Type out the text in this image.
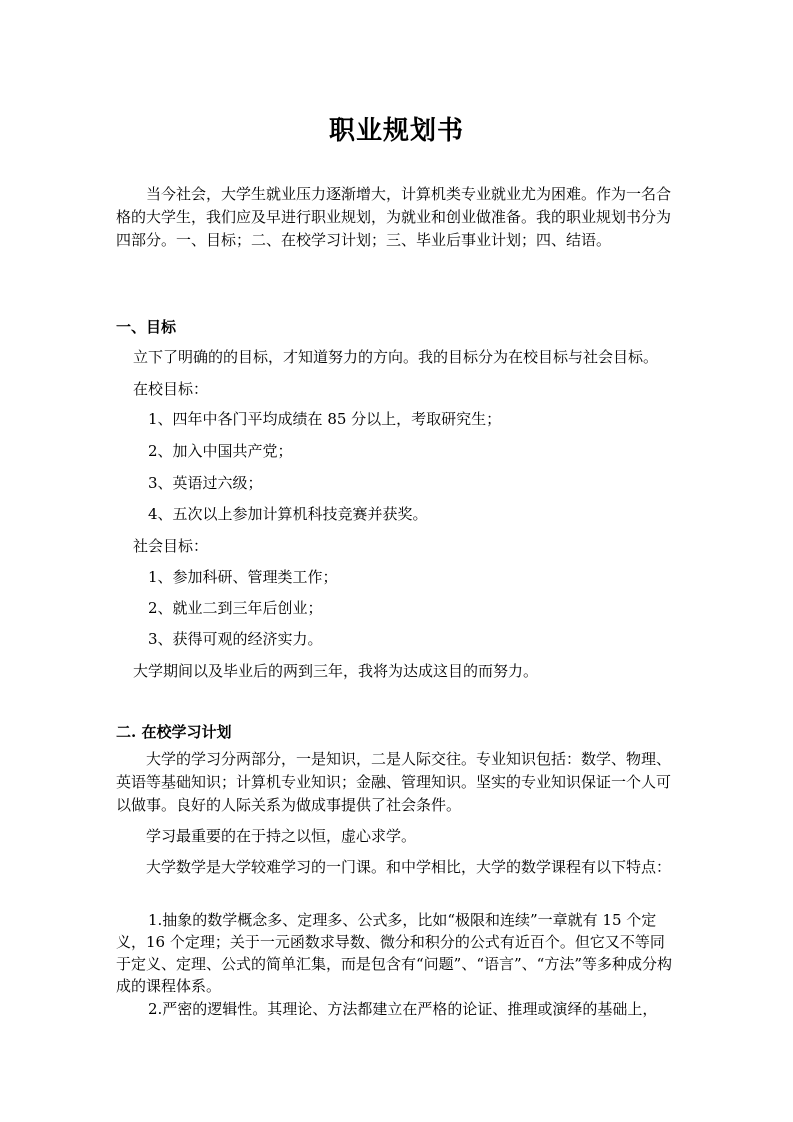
职业规划书
当今社会，大学生就业压力逐渐增大，计算机类专业就业尤为困难。作为一名合格的大学生，我们应及早进行职业规划，为就业和创业做准备。我的职业规划书分为四部分。一、目标；二、在校学习计划；三、毕业后事业计划；四、结语。
一、目标
立下了明确的的目标，才知道努力的方向。我的目标分为在校目标与社会目标。
在校目标：
1、四年中各门平均成绩在 85 分以上，考取研究生；
2、加入中国共产党；
3、英语过六级；
4、五次以上参加计算机科技竞赛并获奖。
社会目标：
1、参加科研、管理类工作；
2、就业二到三年后创业；
3、获得可观的经济实力。
大学期间以及毕业后的两到三年，我将为达成这目的而努力。
二. 在校学习计划
大学的学习分两部分，一是知识，二是人际交往。专业知识包括：数学、物理、英语等基础知识；计算机专业知识；金融、管理知识。坚实的专业知识保证一个人可以做事。良好的人际关系为做成事提供了社会条件。
学习最重要的在于持之以恒，虚心求学。
大学数学是大学较难学习的一门课。和中学相比，大学的数学课程有以下特点：
1.抽象的数学概念多、定理多、公式多，比如“极限和连续”一章就有 15 个定义，16 个定理；关于一元函数求导数、微分和积分的公式有近百个。但它又不等同于定义、定理、公式的简单汇集，而是包含有“问题”、“语言”、“方法”等多种成分构成的课程体系。
2.严密的逻辑性。其理论、方法都建立在严格的论证、推理或演绎的基础上，
